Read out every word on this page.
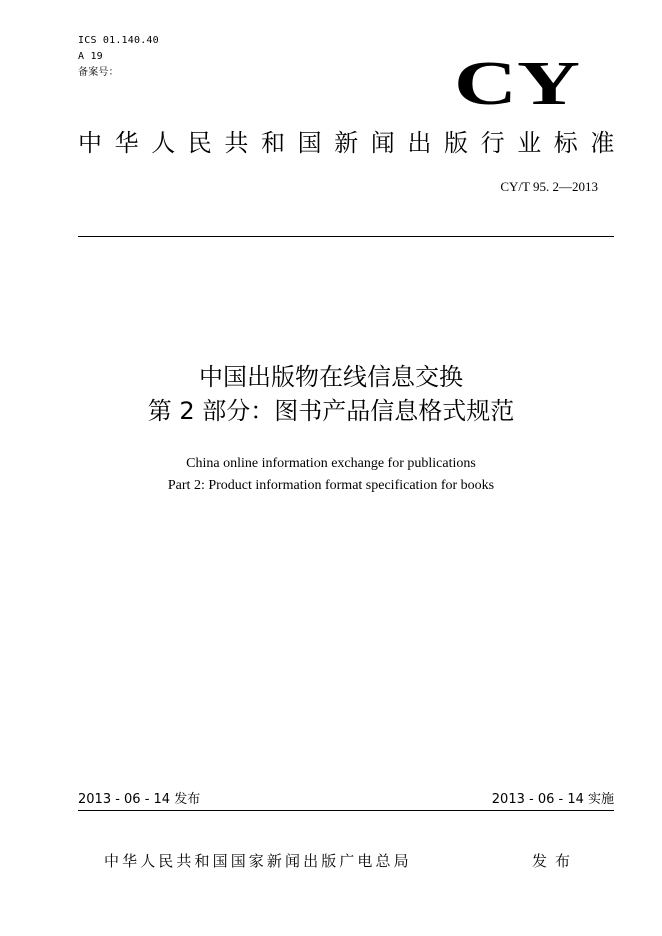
ICS 01.140.40
A 19
备案号：	CY
中华人民共和国新闻出版行业标准
CY/T 95. 2—2013
中国出版物在线信息交换
第 2 部分：图书产品信息格式规范
China online information exchange for publications
Part 2: Product information format specification for books
2013 - 06 - 14 发布	2013 - 06 - 14 实施
中华人民共和国国家新闻出版广电总局	发布
